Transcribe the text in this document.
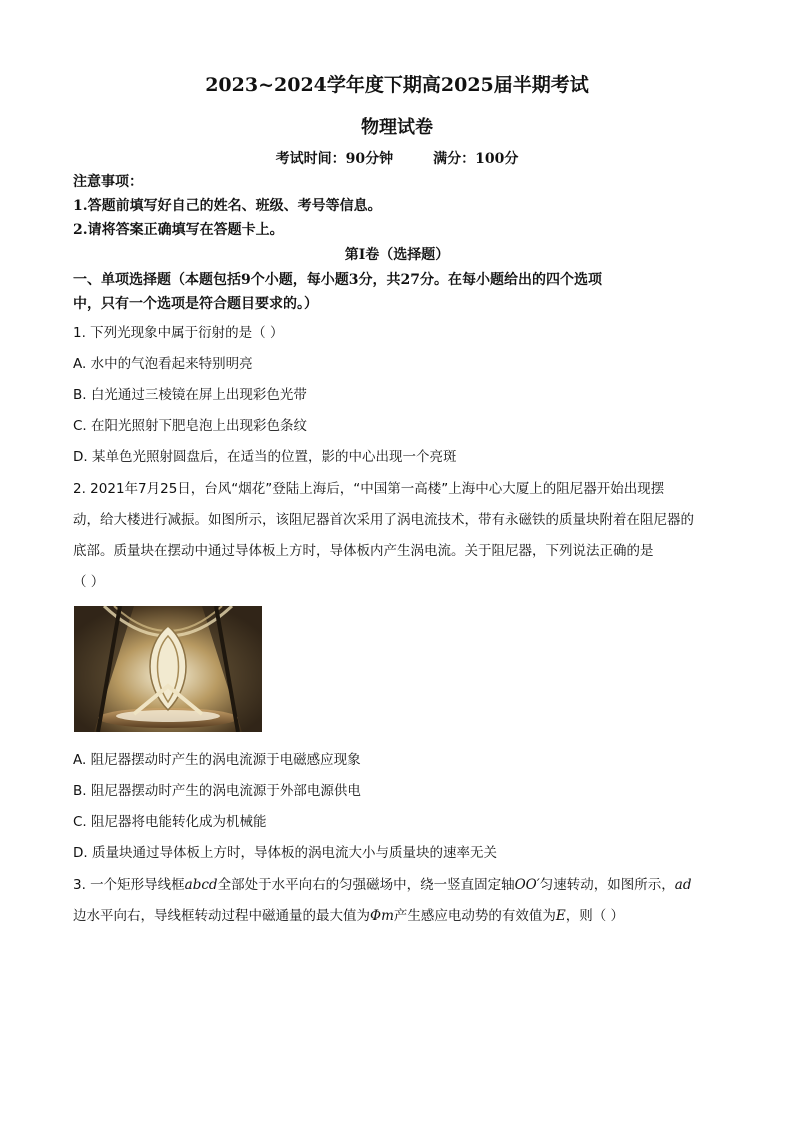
2023~2024学年度下期高2025届半期考试
物理试卷
考试时间：90分钟	满分：100分
注意事项：
1.答题前填写好自己的姓名、班级、考号等信息。
2.请将答案正确填写在答题卡上。
第Ⅰ卷（选择题）
一、单项选择题（本题包括9个小题，每小题3分，共27分。在每小题给出的四个选项
中，只有一个选项是符合题目要求的。）
1. 下列光现象中属于衍射的是（ ）
A. 水中的气泡看起来特别明亮
B. 白光通过三棱镜在屏上出现彩色光带
C. 在阳光照射下肥皂泡上出现彩色条纹
D. 某单色光照射圆盘后，在适当的位置，影的中心出现一个亮斑
2. 2021年7月25日，台风“烟花”登陆上海后，“中国第一高楼”上海中心大厦上的阻尼器开始出现摆
动，给大楼进行减振。如图所示，该阻尼器首次采用了涡电流技术，带有永磁铁的质量块附着在阻尼器的
底部。质量块在摆动中通过导体板上方时，导体板内产生涡电流。关于阻尼器，下列说法正确的是
（ ）
A. 阻尼器摆动时产生的涡电流源于电磁感应现象
B. 阻尼器摆动时产生的涡电流源于外部电源供电
C. 阻尼器将电能转化成为机械能
D. 质量块通过导体板上方时，导体板的涡电流大小与质量块的速率无关
3. 一个矩形导线框abcd全部处于水平向右的匀强磁场中，绕一竖直固定轴OO′匀速转动，如图所示，ad
边水平向右，导线框转动过程中磁通量的最大值为Φm产生感应电动势的有效值为E，则（ ）
